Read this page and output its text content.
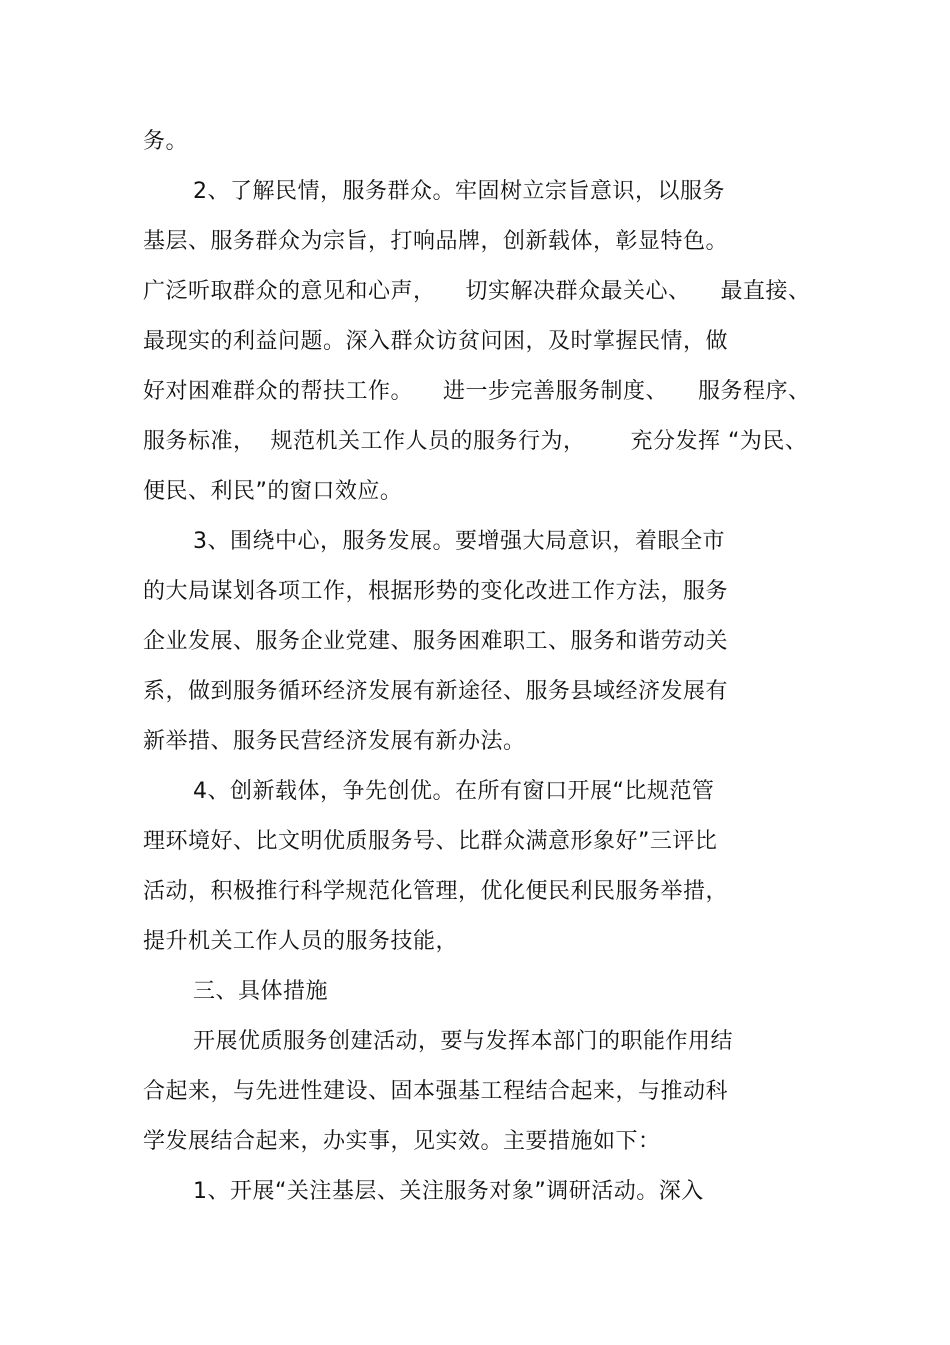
务。
2、了解民情，服务群众。牢固树立宗旨意识，以服务
基层、服务群众为宗旨，打响品牌，创新载体，彰显特色。
广泛听取群众的意见和心声，    切实解决群众最关心、    最直接、
最现实的利益问题。深入群众访贫问困，及时掌握民情，做
好对困难群众的帮扶工作。    进一步完善服务制度、    服务程序、
服务标准，  规范机关工作人员的服务行为，      充分发挥 “为民、
便民、利民”的窗口效应。
3、围绕中心，服务发展。要增强大局意识，着眼全市
的大局谋划各项工作，根据形势的变化改进工作方法，服务
企业发展、服务企业党建、服务困难职工、服务和谐劳动关
系，做到服务循环经济发展有新途径、服务县域经济发展有
新举措、服务民营经济发展有新办法。
4、创新载体，争先创优。在所有窗口开展“比规范管
理环境好、比文明优质服务号、比群众满意形象好”三评比
活动，积极推行科学规范化管理，优化便民利民服务举措，
提升机关工作人员的服务技能，
三、具体措施
开展优质服务创建活动，要与发挥本部门的职能作用结
合起来，与先进性建设、固本强基工程结合起来，与推动科
学发展结合起来，办实事，见实效。主要措施如下：
1、开展“关注基层、关注服务对象”调研活动。深入
